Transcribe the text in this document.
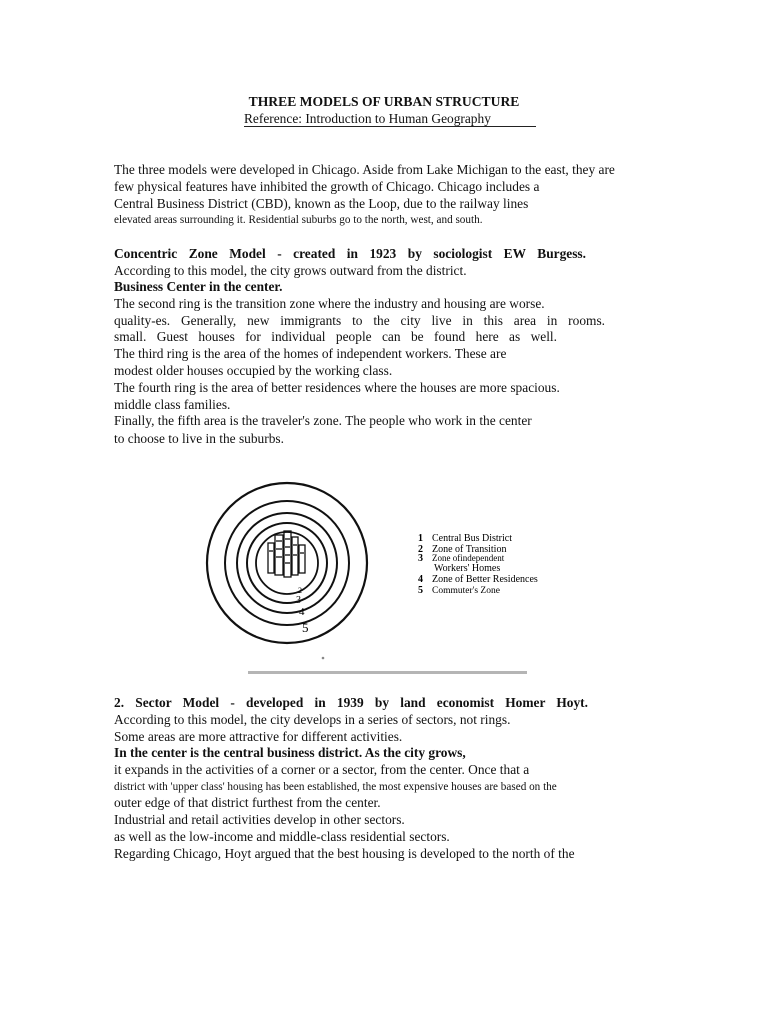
THREE MODELS OF URBAN STRUCTURE
Reference: Introduction to Human Geography
The three models were developed in Chicago. Aside from Lake Michigan to the east, they are
few physical features have inhibited the growth of Chicago. Chicago includes a
Central Business District (CBD), known as the Loop, due to the railway lines
elevated areas surrounding it. Residential suburbs go to the north, west, and south.
Concentric Zone Model - created in 1923 by sociologist EW Burgess.
According to this model, the city grows outward from the district.
Business Center in the center.
The second ring is the transition zone where the industry and housing are worse.
quality-es. Generally, new immigrants to the city live in this area in rooms.
small. Guest houses for individual people can be found here as well.
The third ring is the area of the homes of independent workers. These are
modest older houses occupied by the working class.
The fourth ring is the area of better residences where the houses are more spacious.
middle class families.
Finally, the fifth area is the traveler's zone. The people who work in the center
to choose to live in the suburbs.
2
3
4
5
1 Central Bus District
2 Zone of Transition
3 Zone ofindependent
Workers' Homes
4 Zone of Better Residences
5 Commuter's Zone
2. Sector Model - developed in 1939 by land economist Homer Hoyt.
According to this model, the city develops in a series of sectors, not rings.
Some areas are more attractive for different activities.
In the center is the central business district. As the city grows,
it expands in the activities of a corner or a sector, from the center. Once that a
district with 'upper class' housing has been established, the most expensive houses are based on the
outer edge of that district furthest from the center.
Industrial and retail activities develop in other sectors.
as well as the low-income and middle-class residential sectors.
Regarding Chicago, Hoyt argued that the best housing is developed to the north of the
